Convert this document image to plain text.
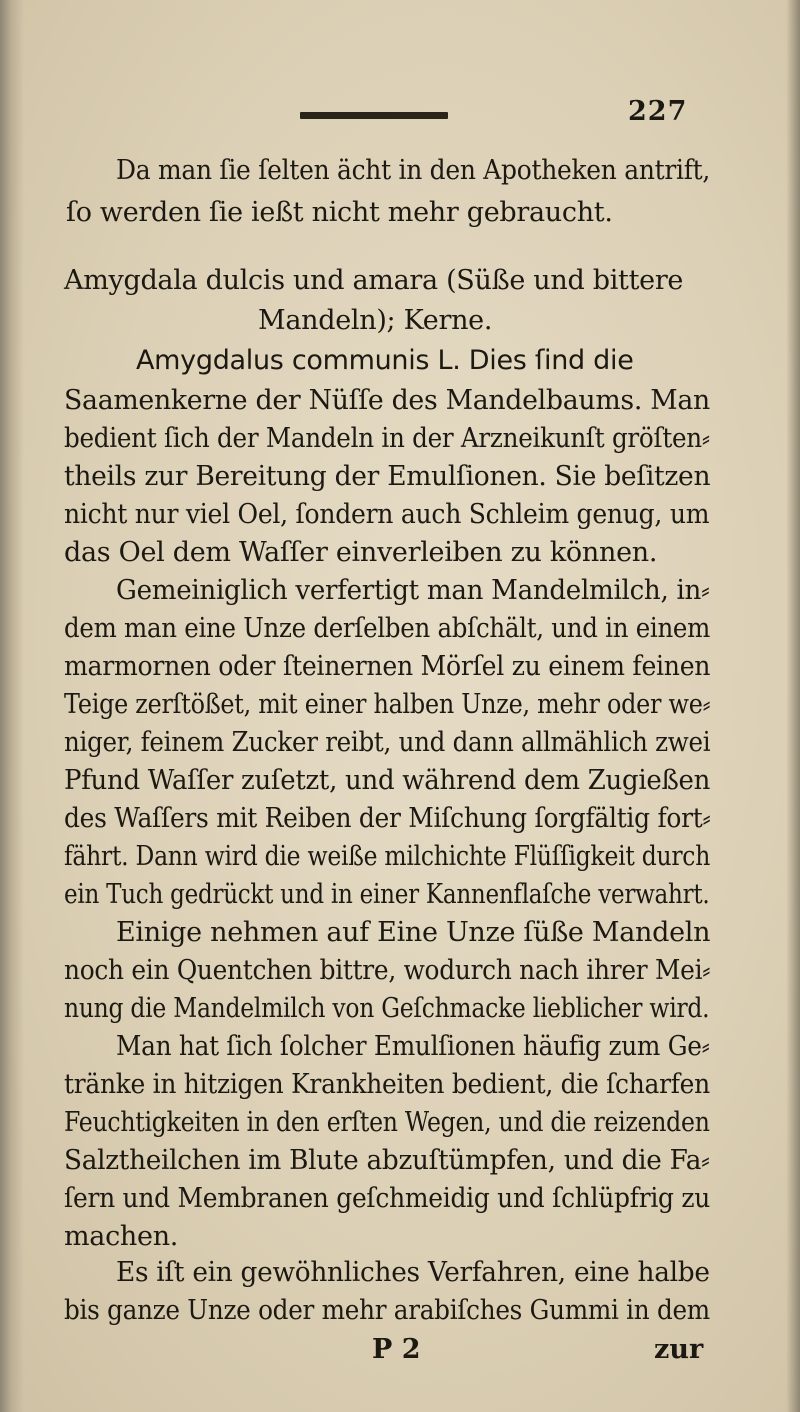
227
Da man ſie ſelten ächt in den Apotheken antrift,
ſo werden ſie ießt nicht mehr gebraucht.
Amygdala dulcis und amara (Süße und bittere
Mandeln); Kerne.
Amygdalus communis L. Dies ſind die
Saamenkerne der Nüſſe des Mandelbaums. Man
bedient ſich der Mandeln in der Arzneikunſt gröſten⸗
theils zur Bereitung der Emulſionen. Sie beſitzen
nicht nur viel Oel, ſondern auch Schleim genug, um
das Oel dem Waſſer einverleiben zu können.
Gemeiniglich verfertigt man Mandelmilch, in⸗
dem man eine Unze derſelben abſchält, und in einem
marmornen oder ſteinernen Mörſel zu einem feinen
Teige zerſtößet, mit einer halben Unze, mehr oder we⸗
niger, feinem Zucker reibt, und dann allmählich zwei
Pfund Waſſer zuſetzt, und während dem Zugießen
des Waſſers mit Reiben der Miſchung ſorgfältig fort⸗
fährt. Dann wird die weiße milchichte Flüſſigkeit durch
ein Tuch gedrückt und in einer Kannenflaſche verwahrt.
Einige nehmen auf Eine Unze ſüße Mandeln
noch ein Quentchen bittre, wodurch nach ihrer Mei⸗
nung die Mandelmilch von Geſchmacke lieblicher wird.
Man hat ſich ſolcher Emulſionen häufig zum Ge⸗
tränke in hitzigen Krankheiten bedient, die ſcharfen
Feuchtigkeiten in den erſten Wegen, und die reizenden
Salztheilchen im Blute abzuſtümpfen, und die Fa⸗
ſern und Membranen geſchmeidig und ſchlüpfrig zu
machen.
Es iſt ein gewöhnliches Verfahren, eine halbe
bis ganze Unze oder mehr arabiſches Gummi in dem
P 2	zur
